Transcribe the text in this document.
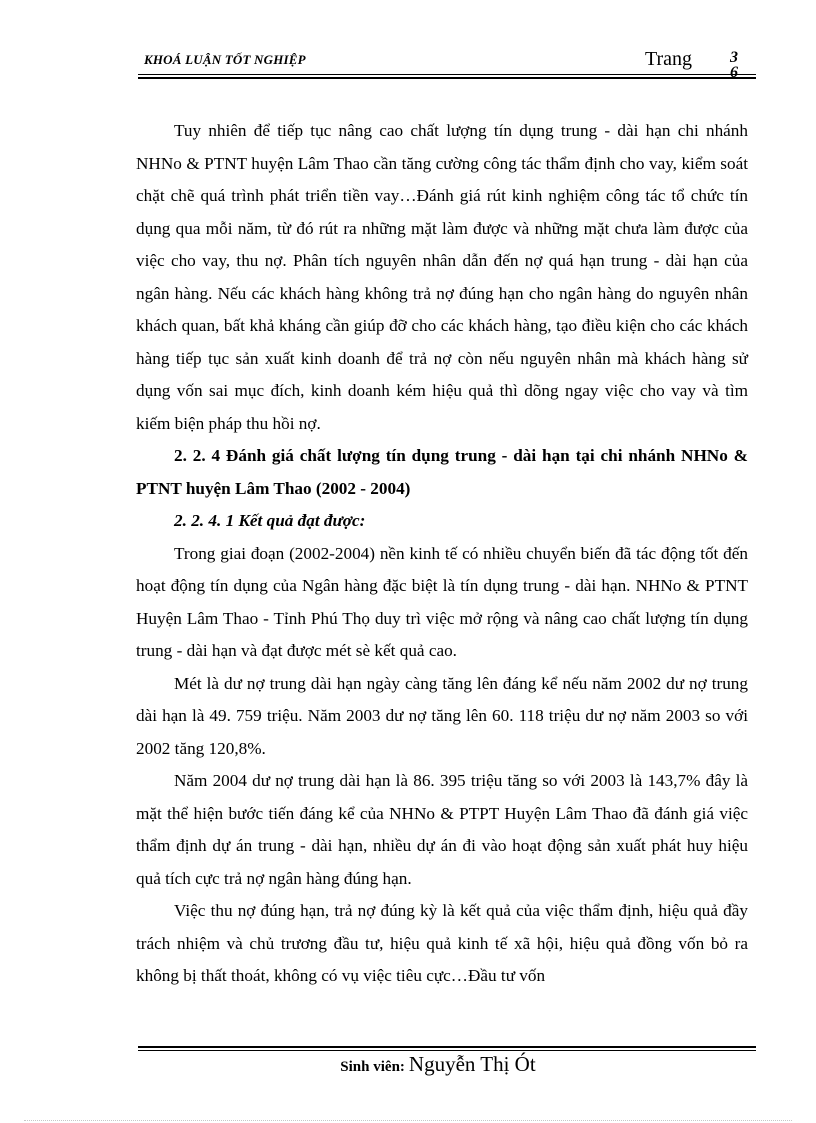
KHOÁ LUẬN TỐT NGHIỆP	Trang 36

Tuy nhiên để tiếp tục nâng cao chất lượng tín dụng trung - dài hạn chi nhánh NHNo & PTNT huyện Lâm Thao cần tăng cường công tác thẩm định cho vay, kiểm soát chặt chẽ quá trình phát triển tiền vay…Đánh giá rút kinh nghiệm công tác tổ chức tín dụng qua mỗi năm, từ đó rút ra những mặt làm được và những mặt chưa làm được của việc cho vay, thu nợ. Phân tích nguyên nhân dẫn đến nợ quá hạn trung - dài hạn của ngân hàng. Nếu các khách hàng không trả nợ đúng hạn cho ngân hàng do nguyên nhân khách quan, bất khả kháng cần giúp đỡ cho các khách hàng, tạo điều kiện cho các khách hàng tiếp tục sản xuất kinh doanh để trả nợ còn nếu nguyên nhân mà khách hàng sử dụng vốn sai mục đích, kinh doanh kém hiệu quả thì dõng ngay việc cho vay và tìm kiếm biện pháp thu hồi nợ.

2. 2. 4 Đánh giá chất lượng tín dụng trung - dài hạn tại chi nhánh NHNo & PTNT huyện Lâm Thao (2002 - 2004)

2. 2. 4. 1 Kết quả đạt được:

Trong giai đoạn (2002-2004) nền kinh tế có nhiều chuyển biến đã tác động tốt đến hoạt động tín dụng của Ngân hàng đặc biệt là tín dụng trung - dài hạn. NHNo & PTNT Huyện Lâm Thao - Tỉnh Phú Thọ duy trì việc mở rộng và nâng cao chất lượng tín dụng trung - dài hạn và đạt được mét sè kết quả cao.

Mét là dư nợ trung dài hạn ngày càng tăng lên đáng kể nếu năm 2002 dư nợ trung dài hạn là 49. 759 triệu. Năm 2003 dư nợ tăng lên 60. 118 triệu dư nợ năm 2003 so với 2002 tăng 120,8%.

Năm 2004 dư nợ trung dài hạn là 86. 395 triệu tăng so với 2003 là 143,7% đây là mặt thể hiện bước tiến đáng kể của NHNo & PTPT Huyện Lâm Thao đã đánh giá việc thẩm định dự án trung - dài hạn, nhiều dự án đi vào hoạt động sản xuất phát huy hiệu quả tích cực trả nợ ngân hàng đúng hạn.

Việc thu nợ đúng hạn, trả nợ đúng kỳ là kết quả của việc thẩm định, hiệu quả đầy trách nhiệm và chủ trương đầu tư, hiệu quả kinh tế xã hội, hiệu quả đồng vốn bỏ ra không bị thất thoát, không có vụ việc tiêu cực…Đầu tư vốn

Sinh viên: Nguyễn Thị Ót
